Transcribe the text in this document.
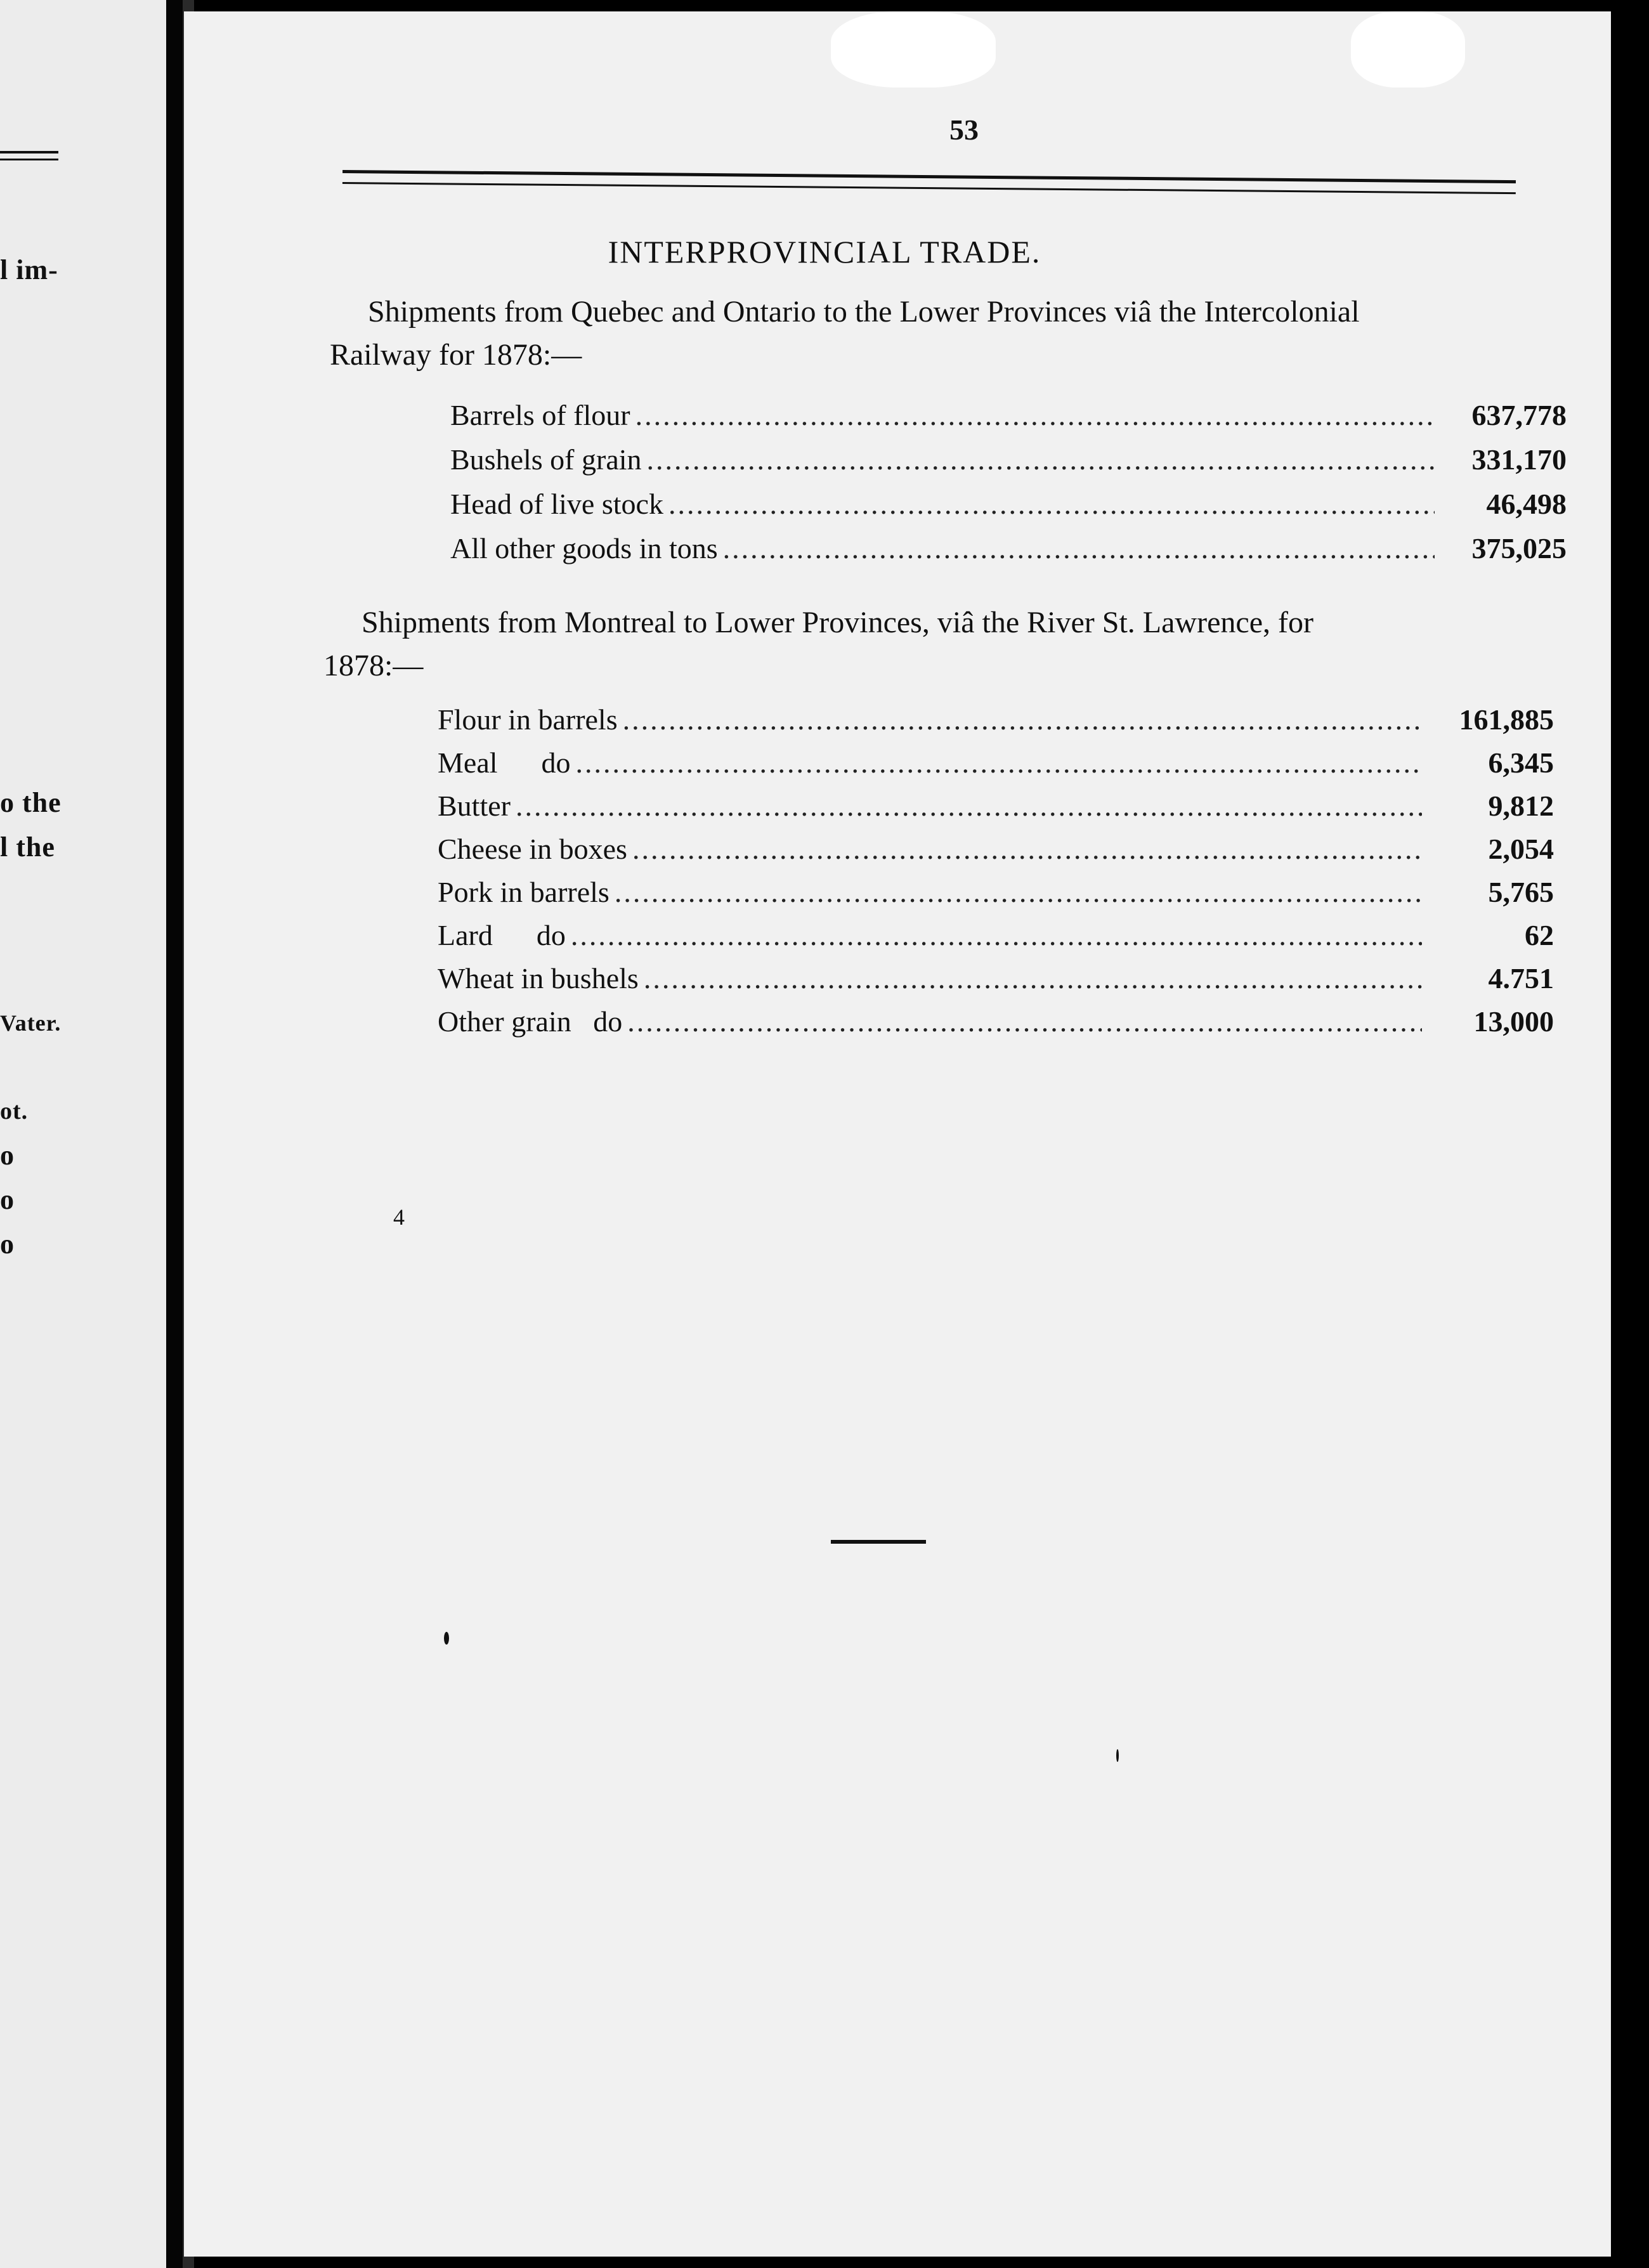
l im-
o the
l the
Vater.
ot.
o
o
o
53
INTERPROVINCIAL TRADE.
Shipments from Quebec and Ontario to the Lower Provinces viâ the Intercolonial
Railway for 1878:—
Barrels of flour .....	637,778
Bushels of grain .....	331,170
Head of live stock .....	46,498
All other goods in tons .....	375,025
Shipments from Montreal to Lower Provinces, viâ the River St. Lawrence, for
1878:—
Flour in barrels .....	161,885
Meal      do .....	6,345
Butter .....	9,812
Cheese in boxes .....	2,054
Pork in barrels .....	5,765
Lard      do .....	62
Wheat in bushels .....	4.751
Other grain   do .....	13,000
4
